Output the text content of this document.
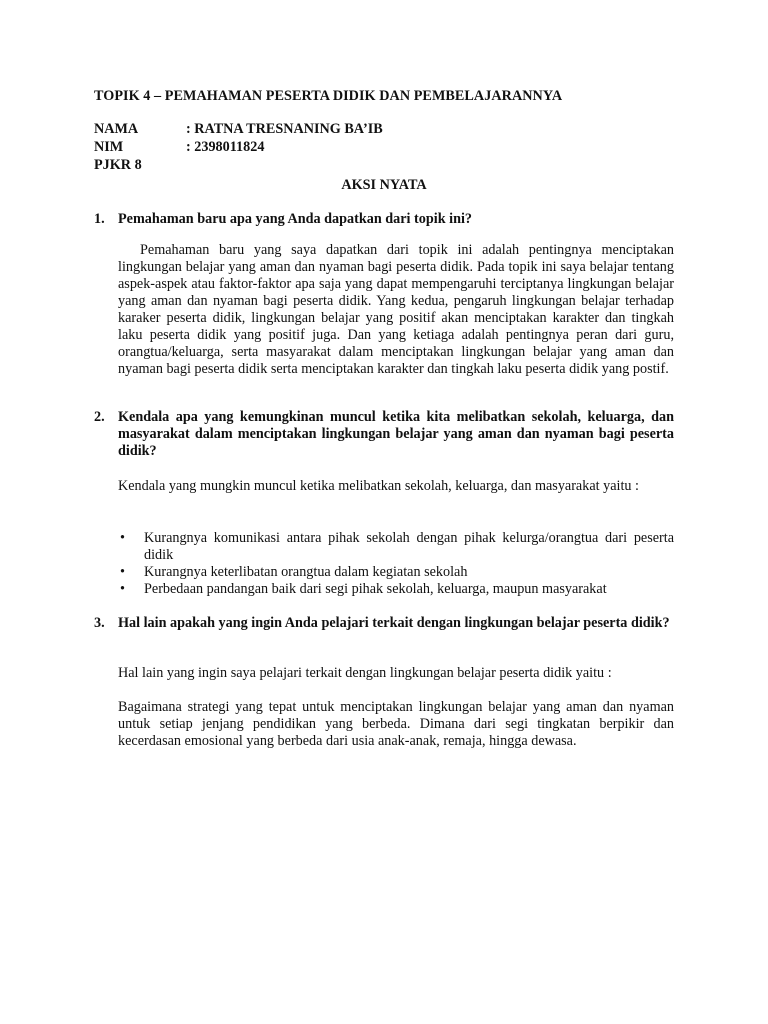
TOPIK 4 – PEMAHAMAN PESERTA DIDIK DAN PEMBELAJARANNYA
NAMA	: RATNA TRESNANING BA’IB
NIM	: 2398011824
PJKR 8
AKSI NYATA
1. Pemahaman baru apa yang Anda dapatkan dari topik ini?
Pemahaman baru yang saya dapatkan dari topik ini adalah pentingnya menciptakan lingkungan belajar yang aman dan nyaman bagi peserta didik. Pada topik ini saya belajar tentang aspek-aspek atau faktor-faktor apa saja yang dapat mempengaruhi terciptanya lingkungan belajar yang aman dan nyaman bagi peserta didik. Yang kedua, pengaruh lingkungan belajar terhadap karaker peserta didik, lingkungan belajar yang positif akan menciptakan karakter dan tingkah laku peserta didik yang positif juga. Dan yang ketiaga adalah pentingnya peran dari guru, orangtua/keluarga, serta masyarakat dalam menciptakan lingkungan belajar yang aman dan nyaman bagi peserta didik serta menciptakan karakter dan tingkah laku peserta didik yang postif.
2. Kendala apa yang kemungkinan muncul ketika kita melibatkan sekolah, keluarga, dan masyarakat dalam menciptakan lingkungan belajar yang aman dan nyaman bagi peserta didik?
Kendala yang mungkin muncul ketika melibatkan sekolah, keluarga, dan masyarakat yaitu :
• Kurangnya komunikasi antara pihak sekolah dengan pihak kelurga/orangtua dari peserta didik
• Kurangnya keterlibatan orangtua dalam kegiatan sekolah
• Perbedaan pandangan baik dari segi pihak sekolah, keluarga, maupun masyarakat
3. Hal lain apakah yang ingin Anda pelajari terkait dengan lingkungan belajar peserta didik?
Hal lain yang ingin saya pelajari terkait dengan lingkungan belajar peserta didik yaitu :
Bagaimana strategi yang tepat untuk menciptakan lingkungan belajar yang aman dan nyaman untuk setiap jenjang pendidikan yang berbeda. Dimana dari segi tingkatan berpikir dan kecerdasan emosional yang berbeda dari usia anak-anak, remaja, hingga dewasa.
